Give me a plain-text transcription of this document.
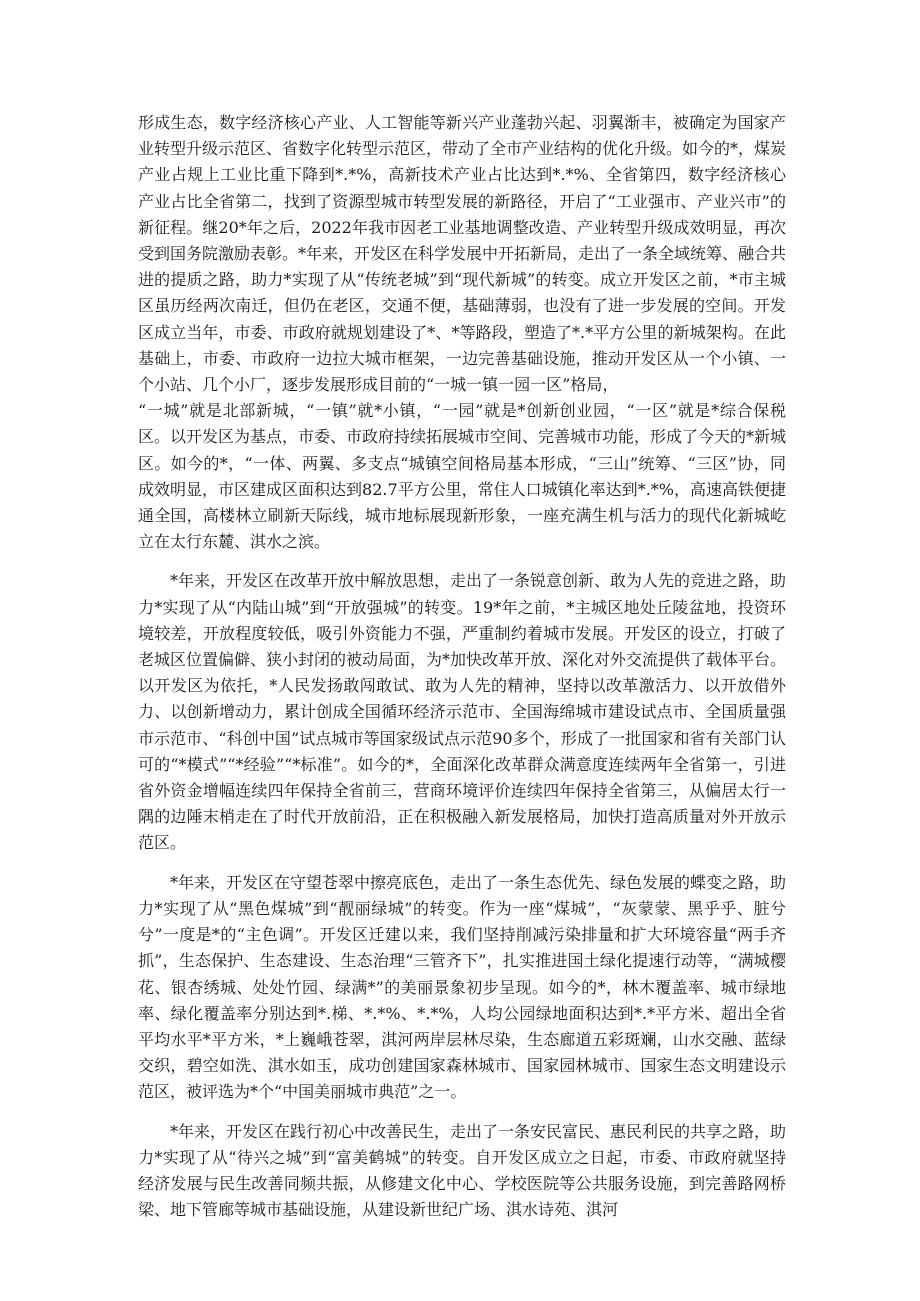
形成生态，数字经济核心产业、人工智能等新兴产业蓬勃兴起、羽翼渐丰，被确定为国家产业转型升级示范区、省数字化转型示范区，带动了全市产业结构的优化升级。如今的*，煤炭产业占规上工业比重下降到*.*%，高新技术产业占比达到*.*%、全省第四，数字经济核心产业占比全省第二，找到了资源型城市转型发展的新路径，开启了“工业强市、产业兴市”的新征程。继20*年之后，2022年我市因老工业基地调整改造、产业转型升级成效明显，再次受到国务院激励表彰。*年来，开发区在科学发展中开拓新局，走出了一条全域统筹、融合共进的提质之路，助力*实现了从“传统老城”到“现代新城”的转变。成立开发区之前，*市主城区虽历经两次南迁，但仍在老区，交通不便，基础薄弱，也没有了进一步发展的空间。开发区成立当年，市委、市政府就规划建设了*、*等路段，塑造了*.*平方公里的新城架构。在此基础上，市委、市政府一边拉大城市框架，一边完善基础设施，推动开发区从一个小镇、一个小站、几个小厂，逐步发展形成目前的“一城一镇一园一区”格局，

“一城”就是北部新城，“一镇”就*小镇，“一园”就是*创新创业园，“一区”就是*综合保税区。以开发区为基点，市委、市政府持续拓展城市空间、完善城市功能，形成了今天的*新城区。如今的*，“一体、两翼、多支点“城镇空间格局基本形成，“三山”统筹、“三区”协，同成效明显，市区建成区面积达到82.7平方公里，常住人口城镇化率达到*.*%，高速高铁便捷通全国，高楼林立刷新天际线，城市地标展现新形象，一座充满生机与活力的现代化新城屹立在太行东麓、淇水之滨。

*年来，开发区在改革开放中解放思想，走出了一条锐意创新、敢为人先的竞进之路，助力*实现了从“内陆山城”到“开放强城”的转变。19*年之前，*主城区地处丘陵盆地，投资环境较差，开放程度较低，吸引外资能力不强，严重制约着城市发展。开发区的设立，打破了老城区位置偏僻、狭小封闭的被动局面，为*加快改革开放、深化对外交流提供了载体平台。以开发区为依托，*人民发扬敢闯敢试、敢为人先的精神，坚持以改革激活力、以开放借外力、以创新增动力，累计创成全国循环经济示范市、全国海绵城市建设试点市、全国质量强市示范市、“科创中国”试点城市等国家级试点示范90多个，形成了一批国家和省有关部门认可的“*模式”“*经验”“*标准”。如今的*，全面深化改革群众满意度连续两年全省第一，引进省外资金增幅连续四年保持全省前三，营商环境评价连续四年保持全省第三，从偏居太行一隅的边陲末梢走在了时代开放前沿，正在积极融入新发展格局，加快打造高质量对外开放示范区。

*年来，开发区在守望苍翠中擦亮底色，走出了一条生态优先、绿色发展的蝶变之路，助力*实现了从“黑色煤城”到“靓丽绿城”的转变。作为一座“煤城”，“灰蒙蒙、黑乎乎、脏兮兮”一度是*的“主色调”。开发区迁建以来，我们坚持削减污染排量和扩大环境容量“两手齐抓”，生态保护、生态建设、生态治理“三管齐下”，扎实推进国土绿化提速行动等，“满城樱花、银杏绣城、处处竹园、绿满*”的美丽景象初步呈现。如今的*，林木覆盖率、城市绿地率、绿化覆盖率分别达到*.梯、*.*%、*.*%，人均公园绿地面积达到*.*平方米、超出全省平均水平*平方米，*上巍峨苍翠，淇河两岸层林尽染，生态廊道五彩斑斓，山水交融、蓝绿交织，碧空如洗、淇水如玉，成功创建国家森林城市、国家园林城市、国家生态文明建设示范区，被评选为*个“中国美丽城市典范”之一。

*年来，开发区在践行初心中改善民生，走出了一条安民富民、惠民利民的共享之路，助力*实现了从“待兴之城”到“富美鹤城”的转变。自开发区成立之日起，市委、市政府就坚持经济发展与民生改善同频共振，从修建文化中心、学校医院等公共服务设施，到完善路网桥梁、地下管廊等城市基础设施，从建设新世纪广场、淇水诗苑、淇河
